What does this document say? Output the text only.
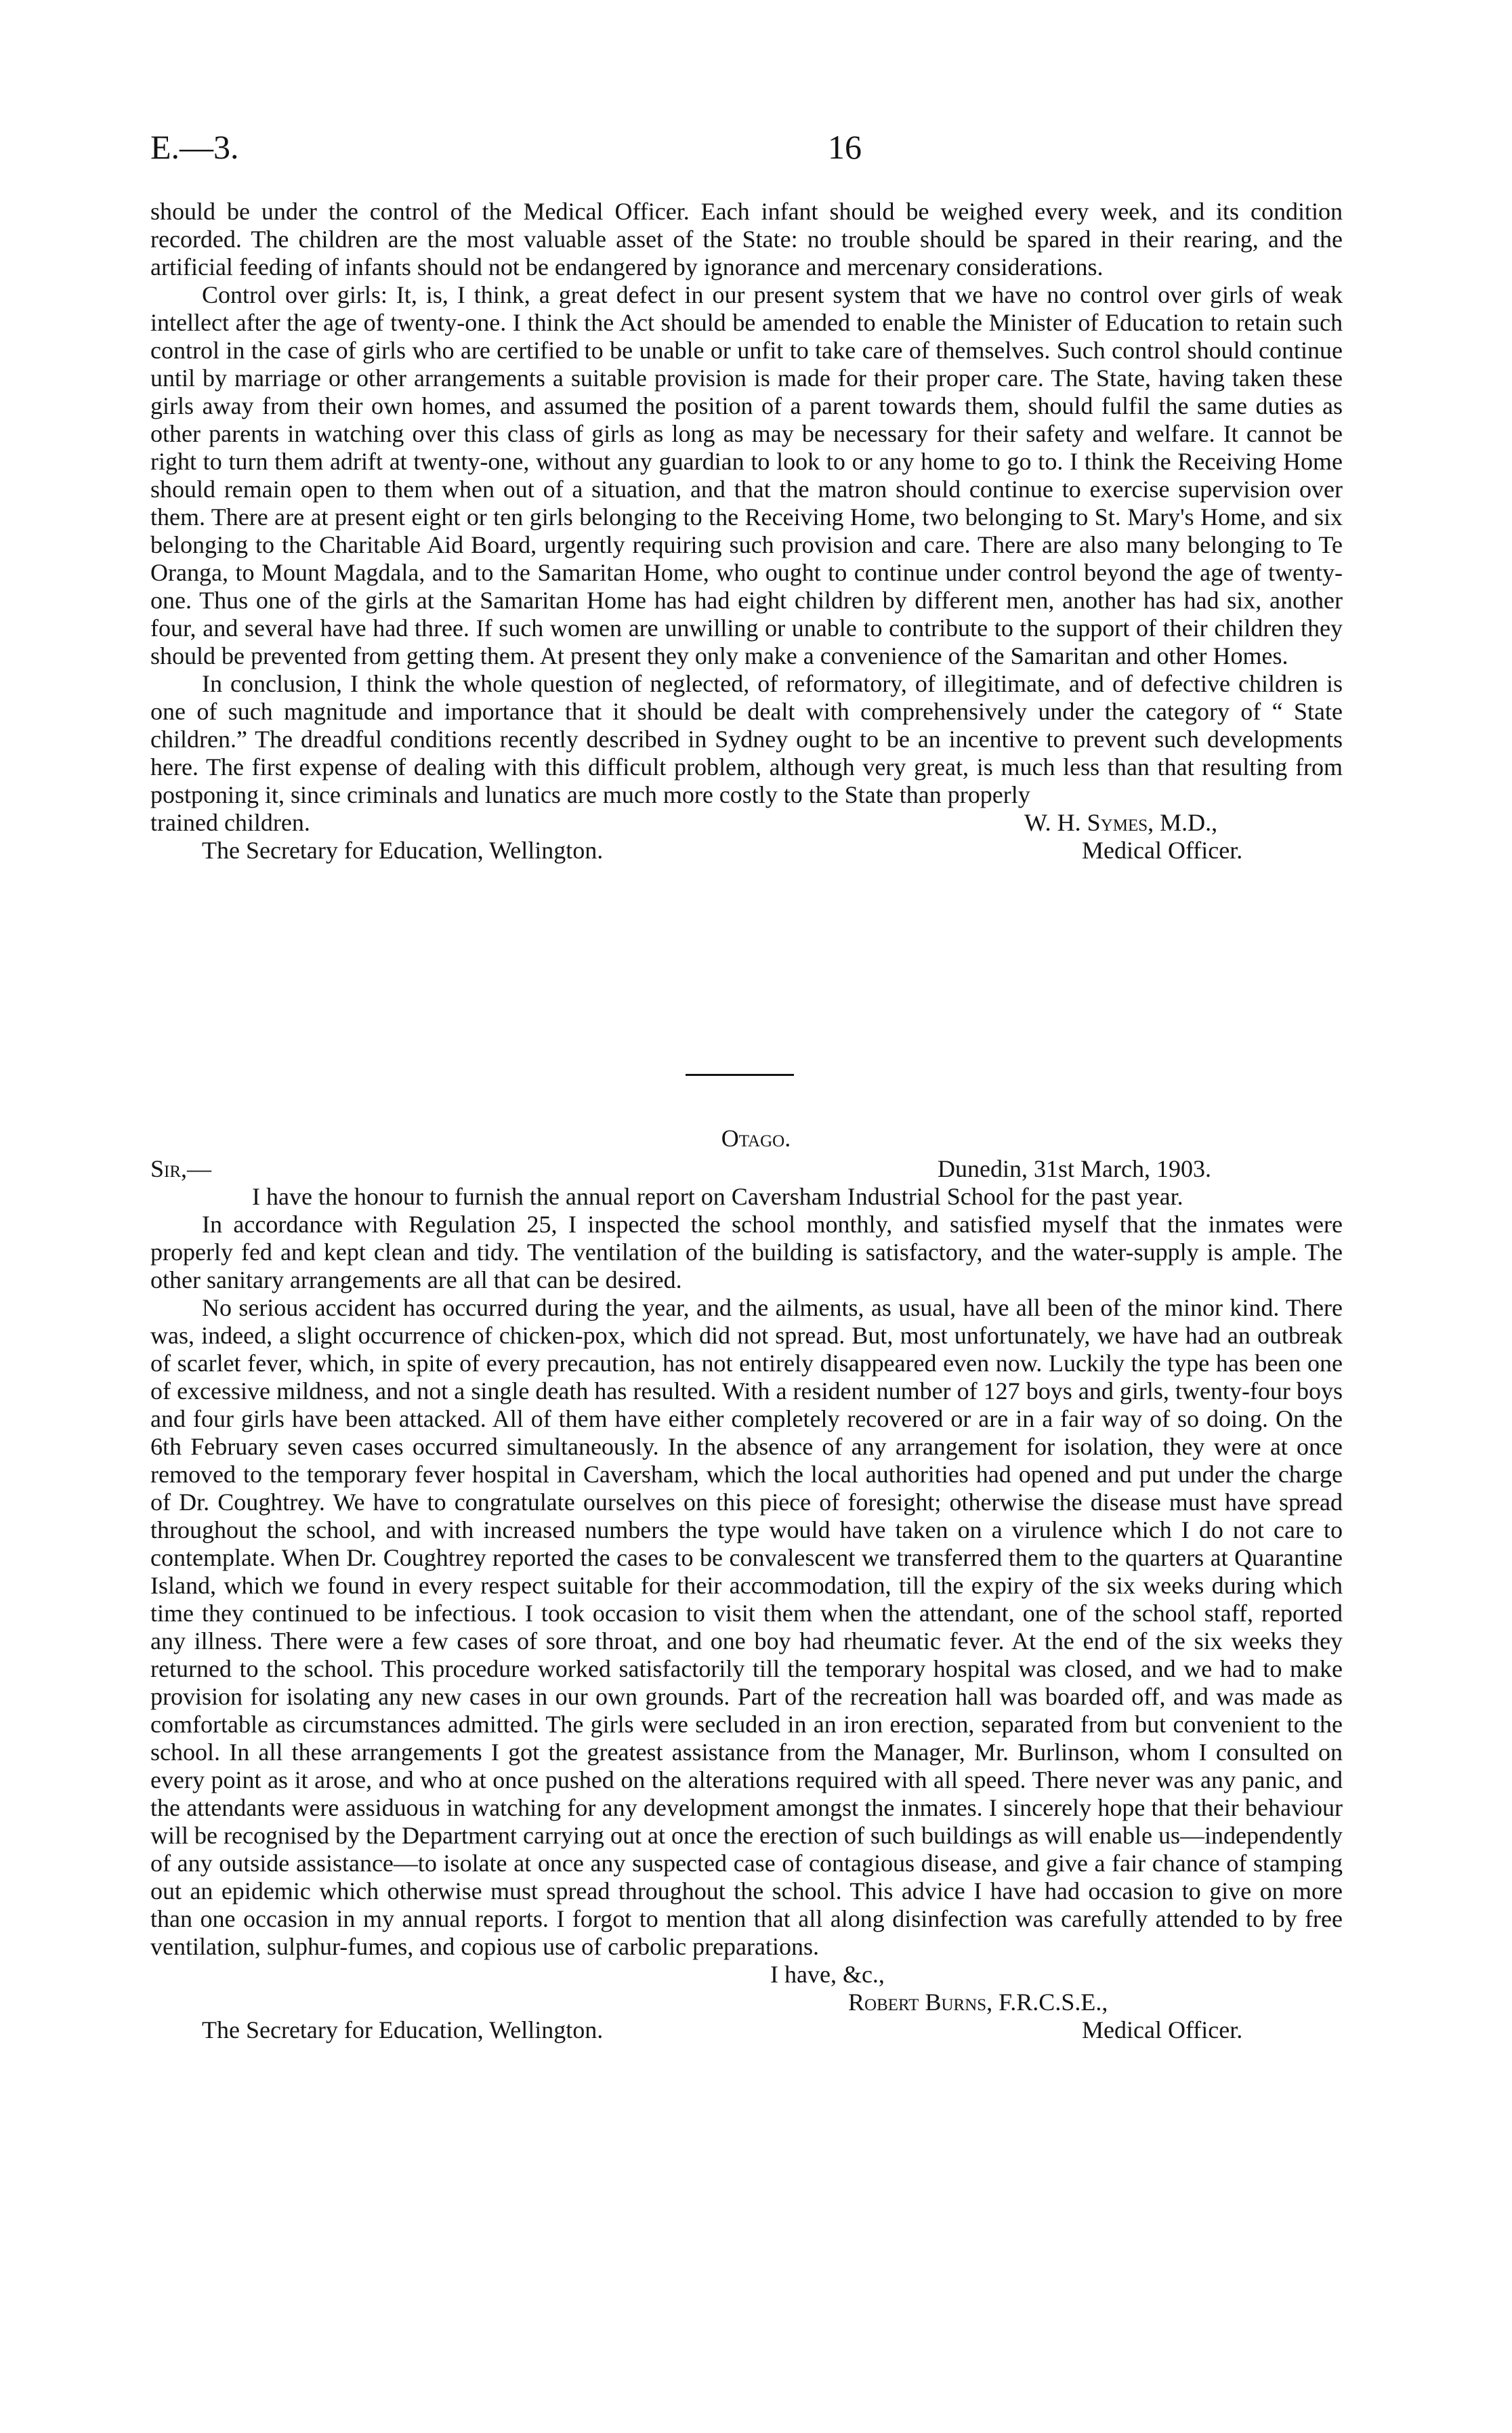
E.—3.	16

should be under the control of the Medical Officer. Each infant should be weighed every week, and its condition recorded. The children are the most valuable asset of the State: no trouble should be spared in their rearing, and the artificial feeding of infants should not be endangered by ignorance and mercenary considerations.

Control over girls: It, is, I think, a great defect in our present system that we have no control over girls of weak intellect after the age of twenty-one. I think the Act should be amended to enable the Minister of Education to retain such control in the case of girls who are certified to be unable or unfit to take care of themselves. Such control should continue until by marriage or other arrangements a suitable provision is made for their proper care. The State, having taken these girls away from their own homes, and assumed the position of a parent towards them, should fulfil the same duties as other parents in watching over this class of girls as long as may be necessary for their safety and welfare. It cannot be right to turn them adrift at twenty-one, without any guardian to look to or any home to go to. I think the Receiving Home should remain open to them when out of a situation, and that the matron should continue to exercise supervision over them. There are at present eight or ten girls belonging to the Receiving Home, two belonging to St. Mary's Home, and six belonging to the Charitable Aid Board, urgently requiring such provision and care. There are also many belonging to Te Oranga, to Mount Magdala, and to the Samaritan Home, who ought to continue under control beyond the age of twenty-one. Thus one of the girls at the Samaritan Home has had eight children by different men, another has had six, another four, and several have had three. If such women are unwilling or unable to contribute to the support of their children they should be prevented from getting them. At present they only make a convenience of the Samaritan and other Homes.

In conclusion, I think the whole question of neglected, of reformatory, of illegitimate, and of defective children is one of such magnitude and importance that it should be dealt with comprehensively under the category of “ State children.” The dreadful conditions recently described in Sydney ought to be an incentive to prevent such developments here. The first expense of dealing with this difficult problem, although very great, is much less than that resulting from postponing it, since criminals and lunatics are much more costly to the State than properly

trained children.	W. H. Symes, M.D.,
The Secretary for Education, Wellington.	Medical Officer.
Otago.
Sir,—	Dunedin, 31st March, 1903.

I have the honour to furnish the annual report on Caversham Industrial School for the past year.

In accordance with Regulation 25, I inspected the school monthly, and satisfied myself that the inmates were properly fed and kept clean and tidy. The ventilation of the building is satisfactory, and the water-supply is ample. The other sanitary arrangements are all that can be desired.

No serious accident has occurred during the year, and the ailments, as usual, have all been of the minor kind. There was, indeed, a slight occurrence of chicken-pox, which did not spread. But, most unfortunately, we have had an outbreak of scarlet fever, which, in spite of every precaution, has not entirely disappeared even now. Luckily the type has been one of excessive mildness, and not a single death has resulted. With a resident number of 127 boys and girls, twenty-four boys and four girls have been attacked. All of them have either completely recovered or are in a fair way of so doing. On the 6th February seven cases occurred simultaneously. In the absence of any arrangement for isolation, they were at once removed to the temporary fever hospital in Caversham, which the local authorities had opened and put under the charge of Dr. Coughtrey. We have to congratulate ourselves on this piece of foresight; otherwise the disease must have spread throughout the school, and with increased numbers the type would have taken on a virulence which I do not care to contemplate. When Dr. Coughtrey reported the cases to be convalescent we transferred them to the quarters at Quarantine Island, which we found in every respect suitable for their accommodation, till the expiry of the six weeks during which time they continued to be infectious. I took occasion to visit them when the attendant, one of the school staff, reported any illness. There were a few cases of sore throat, and one boy had rheumatic fever. At the end of the six weeks they returned to the school. This procedure worked satisfactorily till the temporary hospital was closed, and we had to make provision for isolating any new cases in our own grounds. Part of the recreation hall was boarded off, and was made as comfortable as circumstances admitted. The girls were secluded in an iron erection, separated from but convenient to the school. In all these arrangements I got the greatest assistance from the Manager, Mr. Burlinson, whom I consulted on every point as it arose, and who at once pushed on the alterations required with all speed. There never was any panic, and the attendants were assiduous in watching for any development amongst the inmates. I sincerely hope that their behaviour will be recognised by the Department carrying out at once the erection of such buildings as will enable us—independently of any outside assistance—to isolate at once any suspected case of contagious disease, and give a fair chance of stamping out an epidemic which otherwise must spread throughout the school. This advice I have had occasion to give on more than one occasion in my annual reports. I forgot to mention that all along disinfection was carefully attended to by free ventilation, sulphur-fumes, and copious use of carbolic preparations.

I have, &c.,
Robert Burns, F.R.C.S.E.,
The Secretary for Education, Wellington.	Medical Officer.
